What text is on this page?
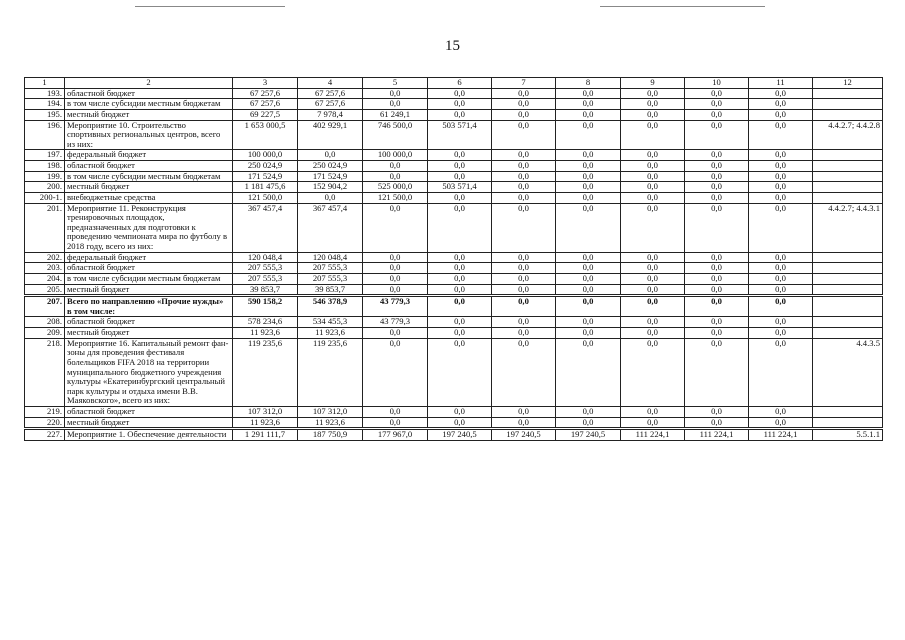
15
1	2	3	4	5	6	7	8	9	10	11	12
193.	областной бюджет	67 257,6	67 257,6	0,0	0,0	0,0	0,0	0,0	0,0	0,0	
194.	в том числе субсидии местным бюджетам	67 257,6	67 257,6	0,0	0,0	0,0	0,0	0,0	0,0	0,0	
195.	местный бюджет	69 227,5	7 978,4	61 249,1	0,0	0,0	0,0	0,0	0,0	0,0	
196.	Мероприятие 10. Строительство спортивных региональных центров, всего из них:	1 653 000,5	402 929,1	746 500,0	503 571,4	0,0	0,0	0,0	0,0	0,0	4.4.2.7; 4.4.2.8
197.	федеральный бюджет	100 000,0	0,0	100 000,0	0,0	0,0	0,0	0,0	0,0	0,0	
198.	областной бюджет	250 024,9	250 024,9	0,0	0,0	0,0	0,0	0,0	0,0	0,0	
199.	в том числе субсидии местным бюджетам	171 524,9	171 524,9	0,0	0,0	0,0	0,0	0,0	0,0	0,0	
200.	местный бюджет	1 181 475,6	152 904,2	525 000,0	503 571,4	0,0	0,0	0,0	0,0	0,0	
200-1.	внебюджетные средства	121 500,0	0,0	121 500,0	0,0	0,0	0,0	0,0	0,0	0,0	
201.	Мероприятие 11. Реконструкция тренировочных площадок, предназначенных для подготовки к проведению чемпионата мира по футболу в 2018 году, всего из них:	367 457,4	367 457,4	0,0	0,0	0,0	0,0	0,0	0,0	0,0	4.4.2.7; 4.4.3.1
202.	федеральный бюджет	120 048,4	120 048,4	0,0	0,0	0,0	0,0	0,0	0,0	0,0	
203.	областной бюджет	207 555,3	207 555,3	0,0	0,0	0,0	0,0	0,0	0,0	0,0	
204.	в том числе субсидии местным бюджетам	207 555,3	207 555,3	0,0	0,0	0,0	0,0	0,0	0,0	0,0	
205.	местный бюджет	39 853,7	39 853,7	0,0	0,0	0,0	0,0	0,0	0,0	0,0	
207.	Всего по направлению «Прочие нужды» в том числе:	590 158,2	546 378,9	43 779,3	0,0	0,0	0,0	0,0	0,0	0,0	
208.	областной бюджет	578 234,6	534 455,3	43 779,3	0,0	0,0	0,0	0,0	0,0	0,0	
209.	местный бюджет	11 923,6	11 923,6	0,0	0,0	0,0	0,0	0,0	0,0	0,0	
218.	Мероприятие 16. Капитальный ремонт фан-зоны для проведения фестиваля болельщиков FIFA 2018 на территории муниципального бюджетного учреждения культуры «Екатеринбургский центральный парк культуры и отдыха имени В.В. Маяковского», всего из них:	119 235,6	119 235,6	0,0	0,0	0,0	0,0	0,0	0,0	0,0	4.4.3.5
219.	областной бюджет	107 312,0	107 312,0	0,0	0,0	0,0	0,0	0,0	0,0	0,0	
220.	местный бюджет	11 923,6	11 923,6	0,0	0,0	0,0	0,0	0,0	0,0	0,0	
227.	Мероприятие 1. Обеспечение деятельности	1 291 111,7	187 750,9	177 967,0	197 240,5	197 240,5	197 240,5	111 224,1	111 224,1	111 224,1	5.5.1.1
